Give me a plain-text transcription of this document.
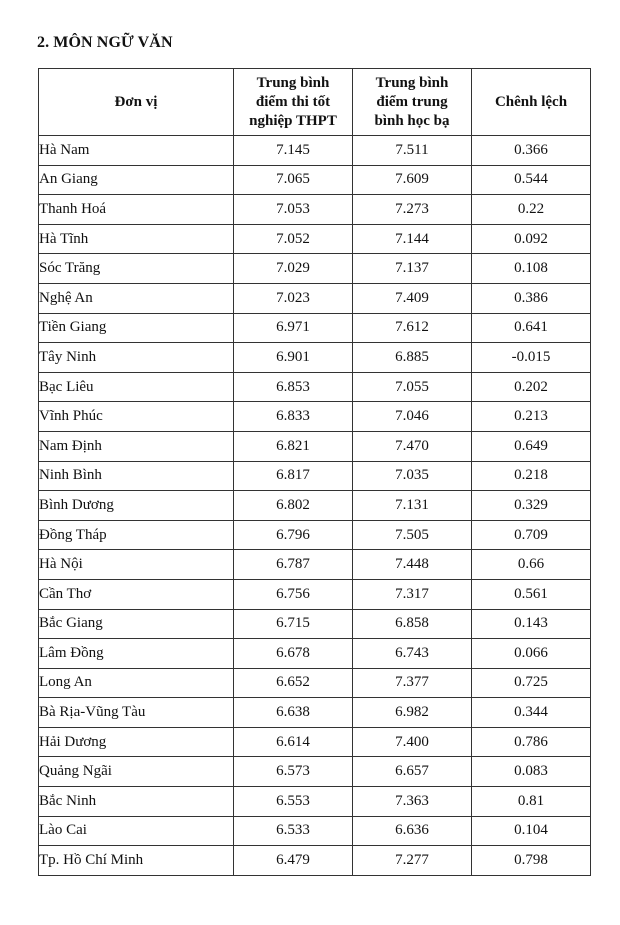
2. MÔN NGỮ VĂN
Đơn vị	Trung bình
điểm thi tốt
nghiệp THPT	Trung bình
điểm trung
bình học bạ	Chênh lệch
Hà Nam	7.145	7.511	0.366
An Giang	7.065	7.609	0.544
Thanh Hoá	7.053	7.273	0.22
Hà Tĩnh	7.052	7.144	0.092
Sóc Trăng	7.029	7.137	0.108
Nghệ An	7.023	7.409	0.386
Tiền Giang	6.971	7.612	0.641
Tây Ninh	6.901	6.885	-0.015
Bạc Liêu	6.853	7.055	0.202
Vĩnh Phúc	6.833	7.046	0.213
Nam Định	6.821	7.470	0.649
Ninh Bình	6.817	7.035	0.218
Bình Dương	6.802	7.131	0.329
Đồng Tháp	6.796	7.505	0.709
Hà Nội	6.787	7.448	0.66
Cần Thơ	6.756	7.317	0.561
Bắc Giang	6.715	6.858	0.143
Lâm Đồng	6.678	6.743	0.066
Long An	6.652	7.377	0.725
Bà Rịa-Vũng Tàu	6.638	6.982	0.344
Hải Dương	6.614	7.400	0.786
Quảng Ngãi	6.573	6.657	0.083
Bắc Ninh	6.553	7.363	0.81
Lào Cai	6.533	6.636	0.104
Tp. Hồ Chí Minh	6.479	7.277	0.798
